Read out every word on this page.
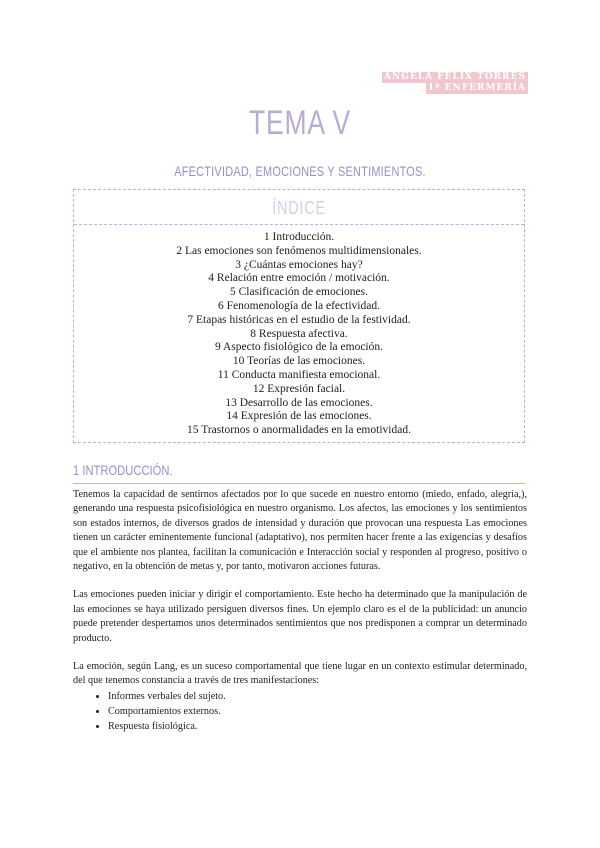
ÁNGELA FÉLIX TORRES
1º ENFERMERÍA
TEMA V
AFECTIVIDAD, EMOCIONES Y SENTIMIENTOS.
ÍNDICE
1 Introducción.
2 Las emociones son fenómenos multidimensionales.
3 ¿Cuántas emociones hay?
4 Relación entre emoción / motivación.
5 Clasificación de emociones.
6 Fenomenología de la efectividad.
7 Etapas históricas en el estudio de la festividad.
8 Respuesta afectiva.
9 Aspecto fisiológico de la emoción.
10 Teorías de las emociones.
11 Conducta manifiesta emocional.
12 Expresión facial.
13 Desarrollo de las emociones.
14 Expresión de las emociones.
15 Trastornos o anormalidades en la emotividad.
1 INTRODUCCIÓN.

Tenemos la capacidad de sentirnos afectados por lo que sucede en nuestro entorno (miedo, enfado, alegría,), generando una respuesta psicofisiológica en nuestro organismo. Los afectos, las emociones y los sentimientos son estados internos, de diversos grados de intensidad y duración que provocan una respuesta Las emociones tienen un carácter eminentemente funcional (adaptativo), nos permiten hacer frente a las exigencias y desafíos que el ambiente nos plantea, facilitan la comunicación e Interacción social y responden al progreso, positivo o negativo, en la obtención de metas y, por tanto, motivaron acciones futuras.

Las emociones pueden iniciar y dirigir el comportamiento. Este hecho ha determinado que la manipulación de las emociones se haya utilizado persiguen diversos fines. Un ejemplo claro es el de la publicidad: un anuncio puede pretender despertamos unos determinados sentimientos que nos predisponen a comprar un determinado producto.

La emoción, según Lang, es un suceso comportamental que tiene lugar en un contexto estimular determinado, del que tenemos constancia a través de tres manifestaciones:

• Informes verbales del sujeto.
• Comportamientos externos.
• Respuesta fisiológica.
